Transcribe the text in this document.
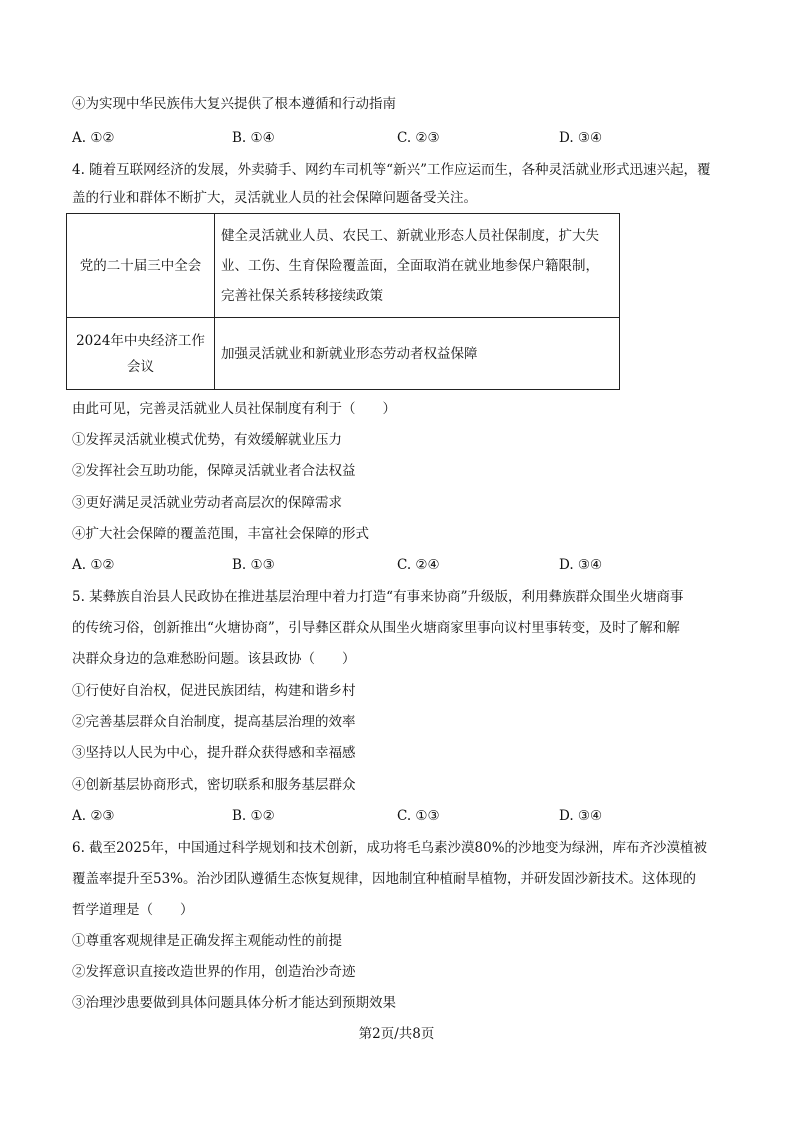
④为实现中华民族伟大复兴提供了根本遵循和行动指南
A. ①②	B. ①④	C. ②③	D. ③④
4. 随着互联网经济的发展，外卖骑手、网约车司机等“新兴”工作应运而生，各种灵活就业形式迅速兴起，覆
盖的行业和群体不断扩大，灵活就业人员的社会保障问题备受关注。
党的二十届三中全会	健全灵活就业人员、农民工、新就业形态人员社保制度，扩大失
业、工伤、生育保险覆盖面，全面取消在就业地参保户籍限制，
完善社保关系转移接续政策

2024年中央经济工作
会议	加强灵活就业和新就业形态劳动者权益保障
由此可见，完善灵活就业人员社保制度有利于（　　）
①发挥灵活就业模式优势，有效缓解就业压力
②发挥社会互助功能，保障灵活就业者合法权益
③更好满足灵活就业劳动者高层次的保障需求
④扩大社会保障的覆盖范围，丰富社会保障的形式
A. ①②	B. ①③	C. ②④	D. ③④
5. 某彝族自治县人民政协在推进基层治理中着力打造“有事来协商”升级版，利用彝族群众围坐火塘商事
的传统习俗，创新推出“火塘协商”，引导彝区群众从围坐火塘商家里事向议村里事转变，及时了解和解
决群众身边的急难愁盼问题。该县政协（　　）
①行使好自治权，促进民族团结，构建和谐乡村
②完善基层群众自治制度，提高基层治理的效率
③坚持以人民为中心，提升群众获得感和幸福感
④创新基层协商形式，密切联系和服务基层群众
A. ②③	B. ①②	C. ①③	D. ③④
6. 截至2025年，中国通过科学规划和技术创新，成功将毛乌素沙漠80%的沙地变为绿洲，库布齐沙漠植被
覆盖率提升至53%。治沙团队遵循生态恢复规律，因地制宜种植耐旱植物，并研发固沙新技术。这体现的
哲学道理是（　　）
①尊重客观规律是正确发挥主观能动性的前提
②发挥意识直接改造世界的作用，创造治沙奇迹
③治理沙患要做到具体问题具体分析才能达到预期效果
第2页/共8页
